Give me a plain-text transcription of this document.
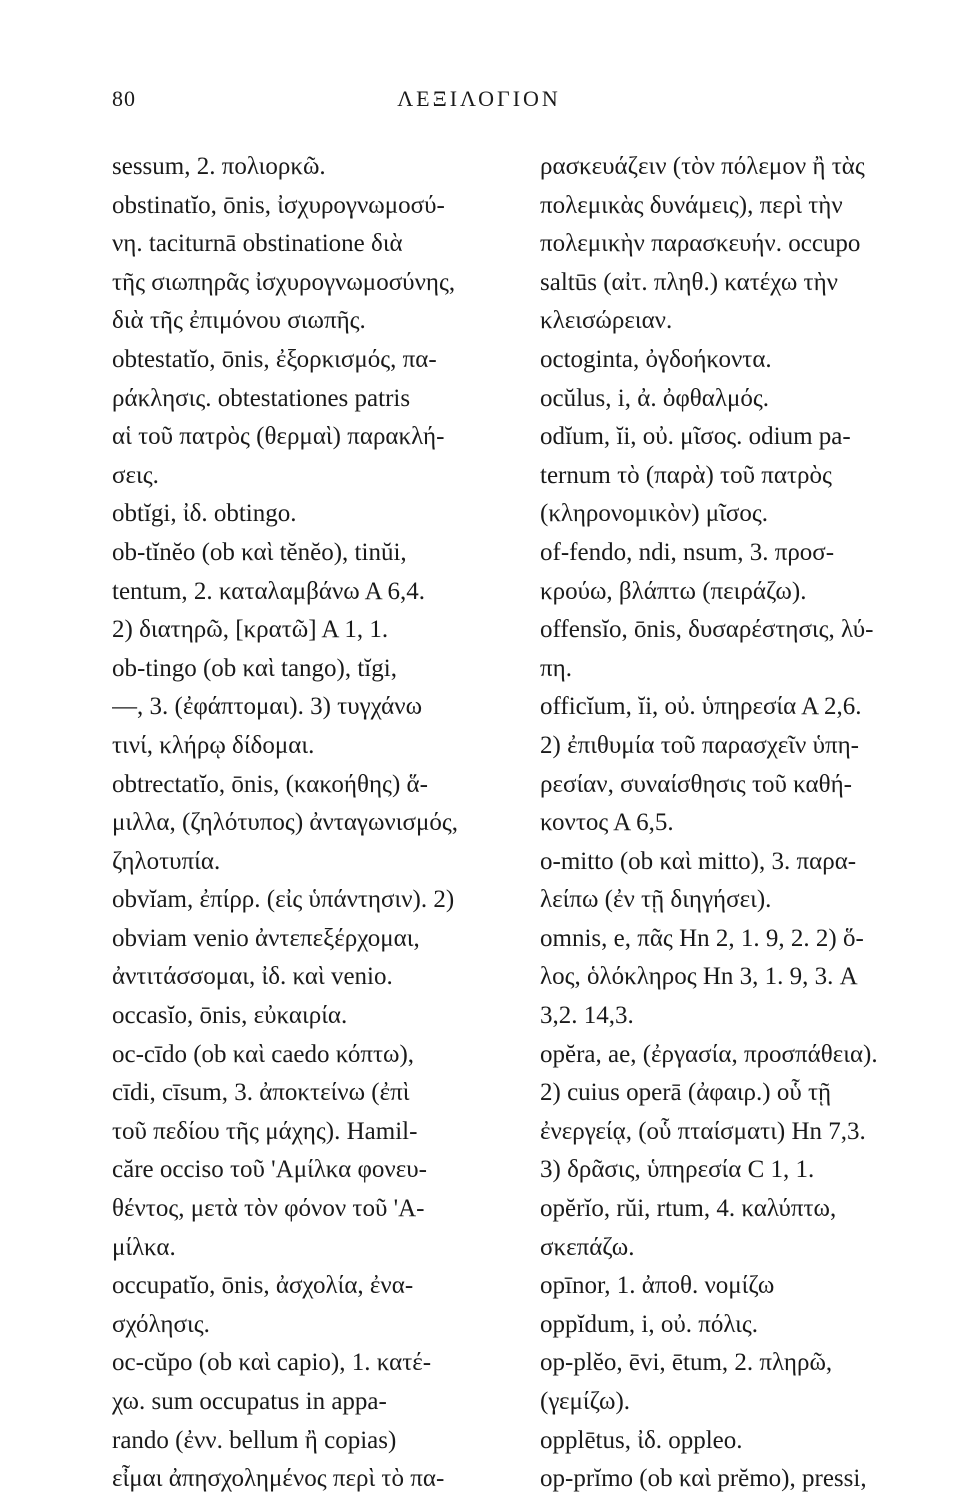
80	ΛΕΞΙΛΟΓΙΟΝ
sessum, 2. πολιορκῶ.
obstinatĭo, ōnis, ἰσχυρογνωμοσύ-
νη. taciturnā obstinatione διὰ
τῆς σιωπηρᾶς ἰσχυρογνωμοσύνης,
διὰ τῆς ἐπιμόνου σιωπῆς.
obtestatĭo, ōnis, ἐξορκισμός, πα-
ράκλησις. obtestationes patris
αἱ τοῦ πατρὸς (θερμαὶ) παρακλή-
σεις.
obtĭgi, ἰδ. obtingo.
ob-tĭnĕo (ob καὶ tĕnĕo), tinŭi,
tentum, 2. καταλαμβάνω Α 6,4.
2) διατηρῶ, [κρατῶ] Α 1, 1.
ob-tingo (ob καὶ tango), tĭgi,
—, 3. (ἐφάπτομαι). 3) τυγχάνω
τινί, κλήρῳ δίδομαι.
obtrectatĭo, ōnis, (κακοήθης) ἅ-
μιλλα, (ζηλότυπος) ἀνταγωνισμός,
ζηλοτυπία.
obvĭam, ἐπίρρ. (εἰς ὑπάντησιν). 2)
obviam venio ἀντεπεξέρχομαι,
ἀντιτάσσομαι, ἰδ. καὶ venio.
occasĭo, ōnis, εὐκαιρία.
oc-cīdo (ob καὶ caedo κόπτω),
cīdi, cīsum, 3. ἀποκτείνω (ἐπὶ
τοῦ πεδίου τῆς μάχης). Hamil-
căre occiso τοῦ 'Αμίλκα φονευ-
θέντος, μετὰ τὸν φόνον τοῦ 'Α-
μίλκα.
occupatĭo, ōnis, ἀσχολία, ἐνα-
σχόλησις.
oc-cŭpo (ob καὶ capio), 1. κατέ-
χω. sum occupatus in appa-
rando (ἐνν. bellum ἢ copias)
εἶμαι ἀπησχολημένος περὶ τὸ πα-
ρασκευάζειν (τὸν πόλεμον ἢ τὰς
πολεμικὰς δυνάμεις), περὶ τὴν
πολεμικὴν παρασκευήν. occupo
saltūs (αἰτ. πληθ.) κατέχω τὴν
κλεισώρειαν.
octoginta, ὀγδοήκοντα.
ocŭlus, i, ἀ. ὀφθαλμός.
odĭum, ĭi, οὐ. μῖσος. odium pa-
ternum τὸ (παρὰ) τοῦ πατρὸς
(κληρονομικὸν) μῖσος.
of-fendo, ndi, nsum, 3. προσ-
κρούω, βλάπτω (πειράζω).
offensĭo, ōnis, δυσαρέστησις, λύ-
πη.
officĭum, ĭi, οὐ. ὑπηρεσία Α 2,6.
2) ἐπιθυμία τοῦ παρασχεῖν ὑπη-
ρεσίαν, συναίσθησις τοῦ καθή-
κοντος Α 6,5.
o-mitto (ob καὶ mitto), 3. παρα-
λείπω (ἐν τῇ διηγήσει).
omnis, e, πᾶς Hn 2, 1. 9, 2. 2) ὅ-
λος, ὁλόκληρος Hn 3, 1. 9, 3. Α
3,2. 14,3.
opĕra, ae, (ἐργασία, προσπάθεια).
2) cuius operā (ἀφαιρ.) οὗ τῇ
ἐνεργείᾳ, (οὗ πταίσματι) Hn 7,3.
3) δρᾶσις, ὑπηρεσία C 1, 1.
opĕrĭo, rŭi, rtum, 4. καλύπτω,
σκεπάζω.
opīnor, 1. ἀποθ. νομίζω
oppĭdum, i, οὐ. πόλις.
op-plĕo, ēvi, ētum, 2. πληρῶ,
(γεμίζω).
opplētus, ἰδ. oppleo.
op-prĭmo (ob καὶ prĕmo), pressi,
